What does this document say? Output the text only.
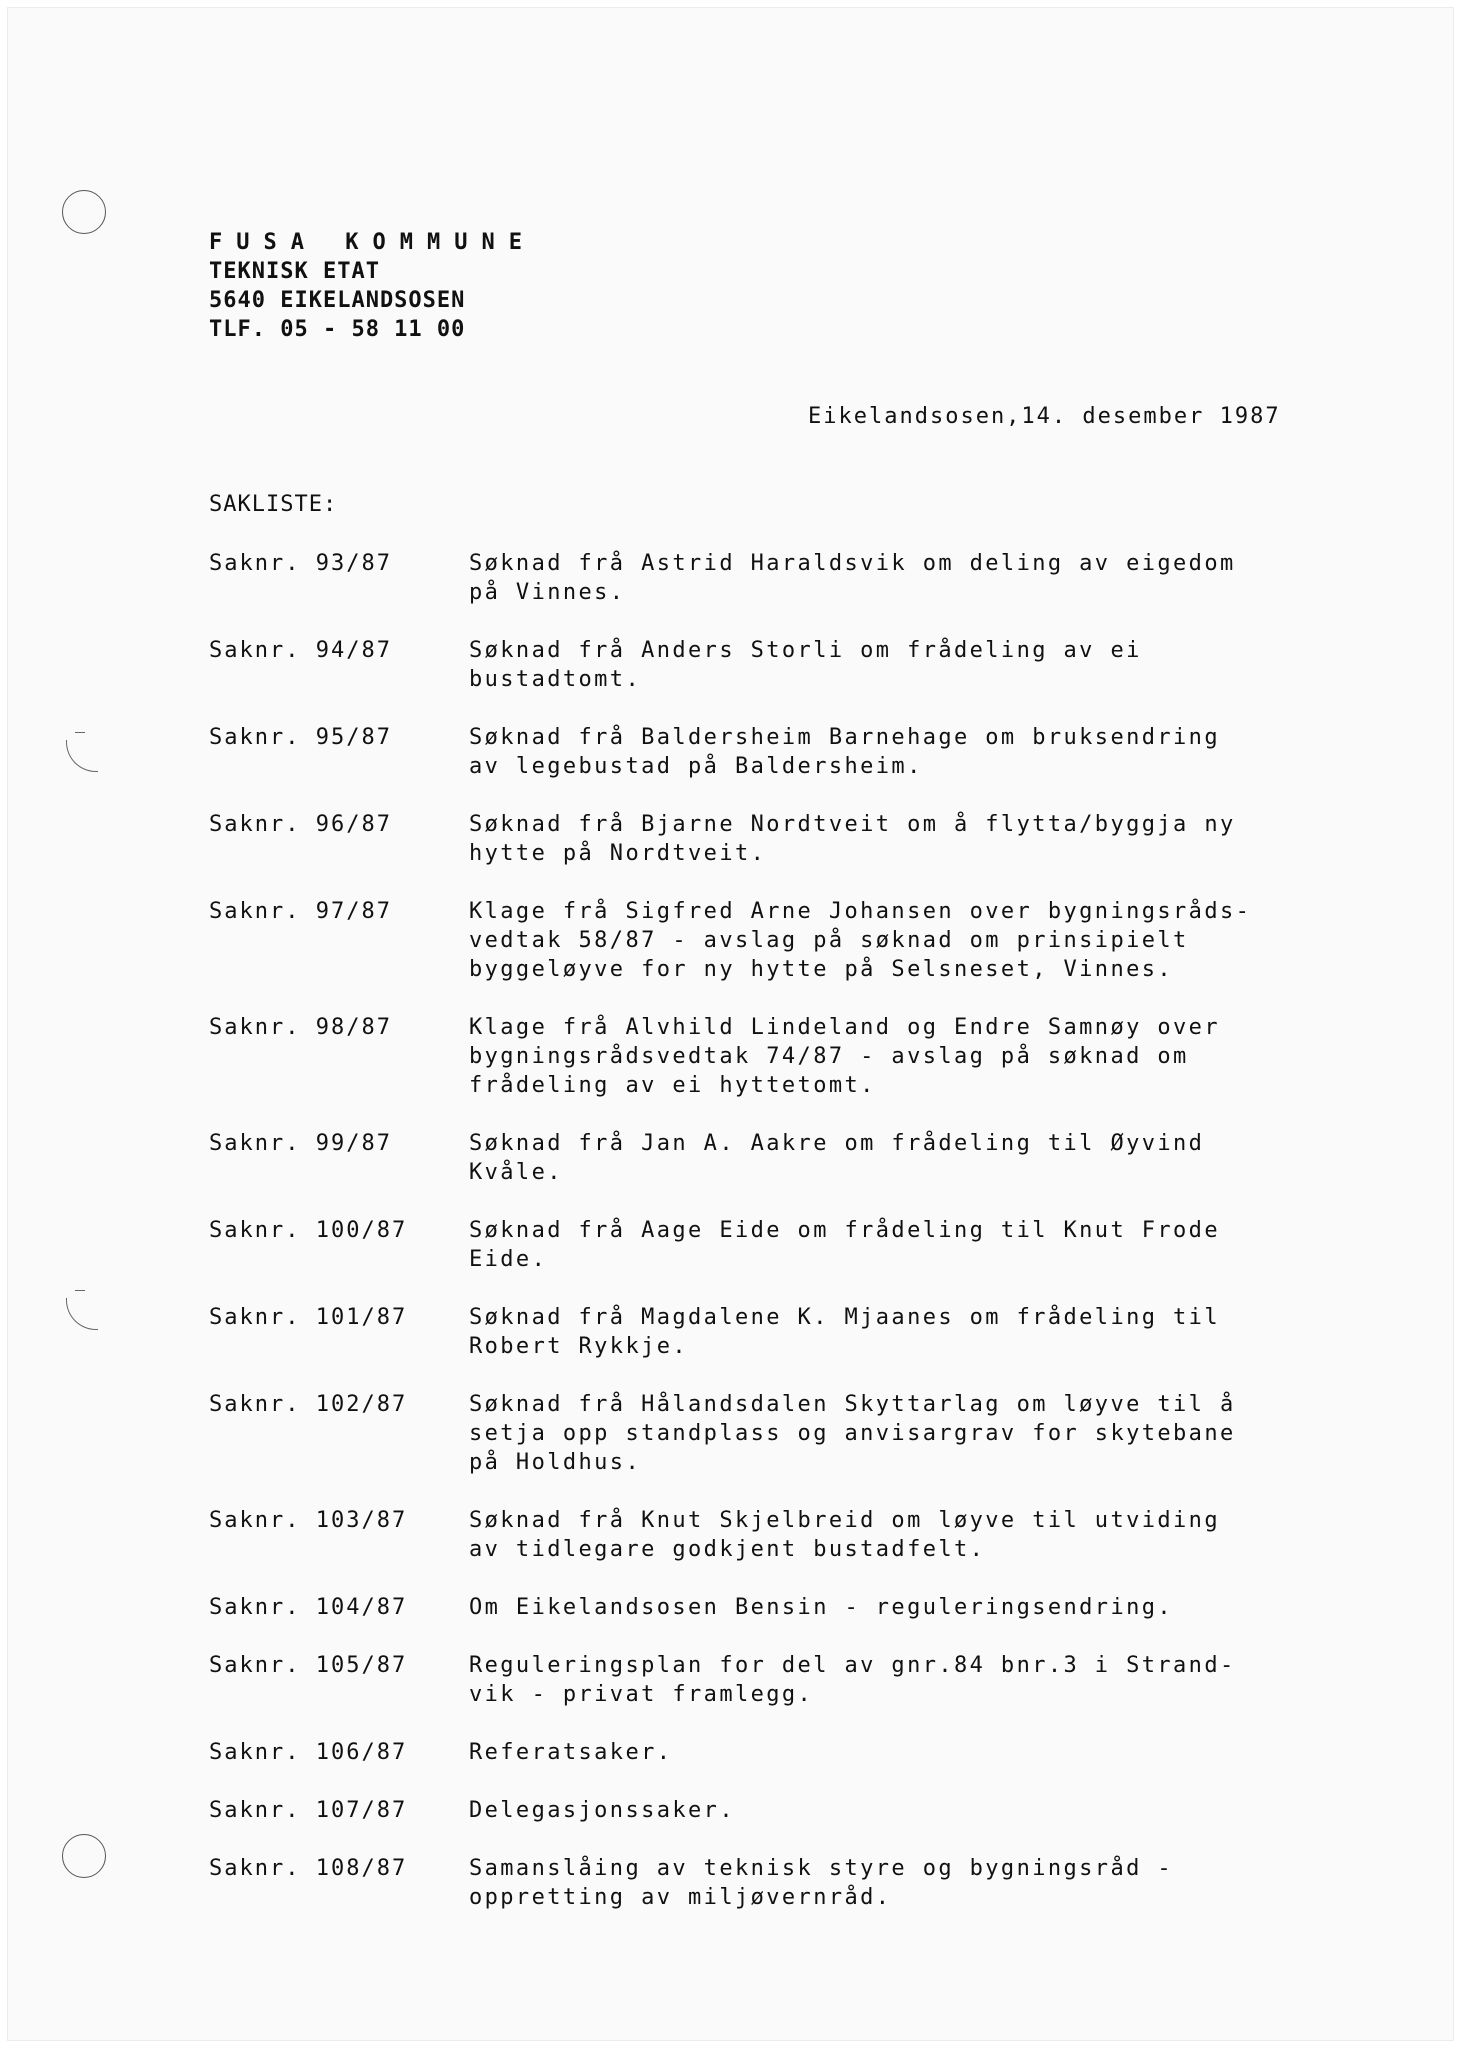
FUSA KOMMUNE
TEKNISK ETAT
5640 EIKELANDSOSEN
TLF. 05 - 58 11 00
Eikelandsosen,14. desember 1987
SAKLISTE:
Saknr. 93/87	Søknad frå Astrid Haraldsvik om deling av eigedom
på Vinnes.
Saknr. 94/87	Søknad frå Anders Storli om frådeling av ei
bustadtomt.
Saknr. 95/87	Søknad frå Baldersheim Barnehage om bruksendring
av legebustad på Baldersheim.
Saknr. 96/87	Søknad frå Bjarne Nordtveit om å flytta/byggja ny
hytte på Nordtveit.
Saknr. 97/87	Klage frå Sigfred Arne Johansen over bygningsråds-
vedtak 58/87 - avslag på søknad om prinsipielt
byggeløyve for ny hytte på Selsneset, Vinnes.
Saknr. 98/87	Klage frå Alvhild Lindeland og Endre Samnøy over
bygningsrådsvedtak 74/87 - avslag på søknad om
frådeling av ei hyttetomt.
Saknr. 99/87	Søknad frå Jan A. Aakre om frådeling til Øyvind
Kvåle.
Saknr. 100/87	Søknad frå Aage Eide om frådeling til Knut Frode
Eide.
Saknr. 101/87	Søknad frå Magdalene K. Mjaanes om frådeling til
Robert Rykkje.
Saknr. 102/87	Søknad frå Hålandsdalen Skyttarlag om løyve til å
setja opp standplass og anvisargrav for skytebane
på Holdhus.
Saknr. 103/87	Søknad frå Knut Skjelbreid om løyve til utviding
av tidlegare godkjent bustadfelt.
Saknr. 104/87	Om Eikelandsosen Bensin - reguleringsendring.
Saknr. 105/87	Reguleringsplan for del av gnr.84 bnr.3 i Strand-
vik - privat framlegg.
Saknr. 106/87	Referatsaker.
Saknr. 107/87	Delegasjonssaker.
Saknr. 108/87	Samanslåing av teknisk styre og bygningsråd -
oppretting av miljøvernråd.
